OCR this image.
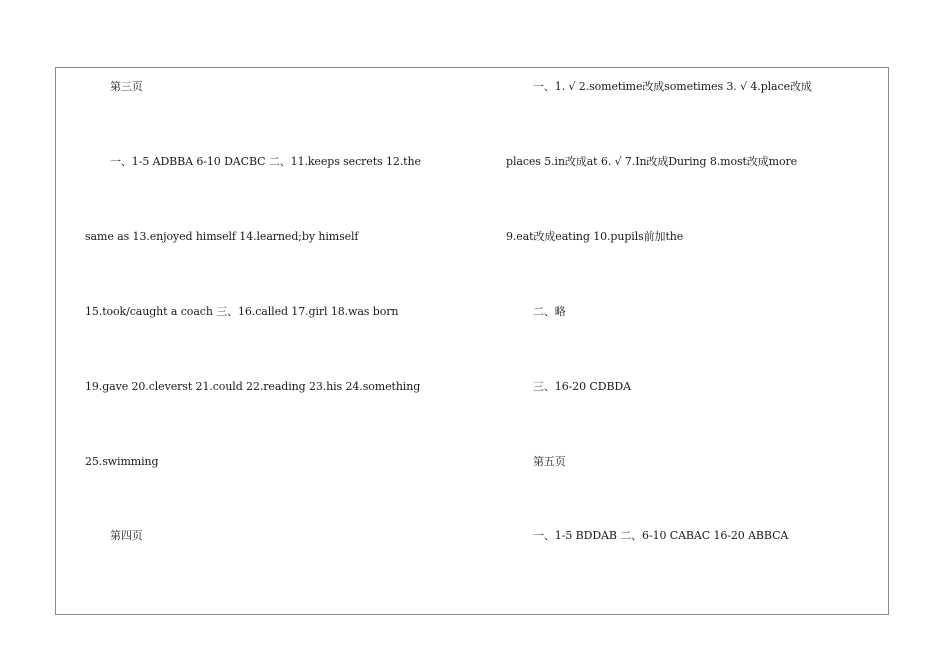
第三页
一、1-5 ADBBA 6-10 DACBC 二、11.keeps secrets 12.the
same as 13.enjoyed himself 14.learned;by himself
15.took/caught a coach 三、16.called 17.girl 18.was born
19.gave 20.cleverst 21.could 22.reading 23.his 24.something
25.swimming
第四页
一、1. √ 2.sometime改成sometimes 3. √ 4.place改成
places 5.in改成at 6. √ 7.In改成During 8.most改成more
9.eat改成eating 10.pupils前加the
二、略
三、16-20 CDBDA
第五页
一、1-5 BDDAB 二、6-10 CABAC 16-20 ABBCA
